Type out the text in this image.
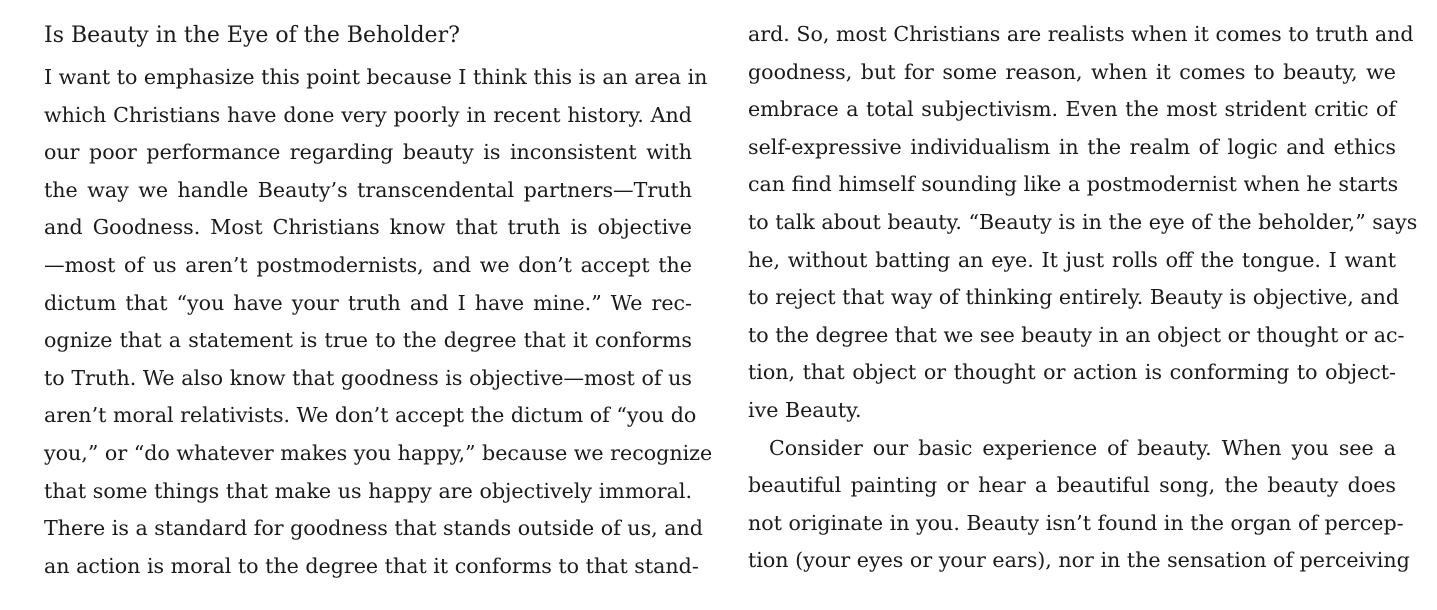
Is Beauty in the Eye of the Beholder?
I want to emphasize this point because I think this is an area in
which Christians have done very poorly in recent history. And
our poor performance regarding beauty is inconsistent with
the way we handle Beauty’s transcendental partners—Truth
and Goodness. Most Christians know that truth is objective
—most of us aren’t postmodernists, and we don’t accept the
dictum that “you have your truth and I have mine.” We rec-
ognize that a statement is true to the degree that it conforms
to Truth. We also know that goodness is objective—most of us
aren’t moral relativists. We don’t accept the dictum of “you do
you,” or “do whatever makes you happy,” because we recognize
that some things that make us happy are objectively immoral.
There is a standard for goodness that stands outside of us, and
an action is moral to the degree that it conforms to that stand-
ard. So, most Christians are realists when it comes to truth and
goodness, but for some reason, when it comes to beauty, we
embrace a total subjectivism. Even the most strident critic of
self-expressive individualism in the realm of logic and ethics
can find himself sounding like a postmodernist when he starts
to talk about beauty. “Beauty is in the eye of the beholder,” says
he, without batting an eye. It just rolls off the tongue. I want
to reject that way of thinking entirely. Beauty is objective, and
to the degree that we see beauty in an object or thought or ac-
tion, that object or thought or action is conforming to object-
ive Beauty.
Consider our basic experience of beauty. When you see a
beautiful painting or hear a beautiful song, the beauty does
not originate in you. Beauty isn’t found in the organ of percep-
tion (your eyes or your ears), nor in the sensation of perceiving
